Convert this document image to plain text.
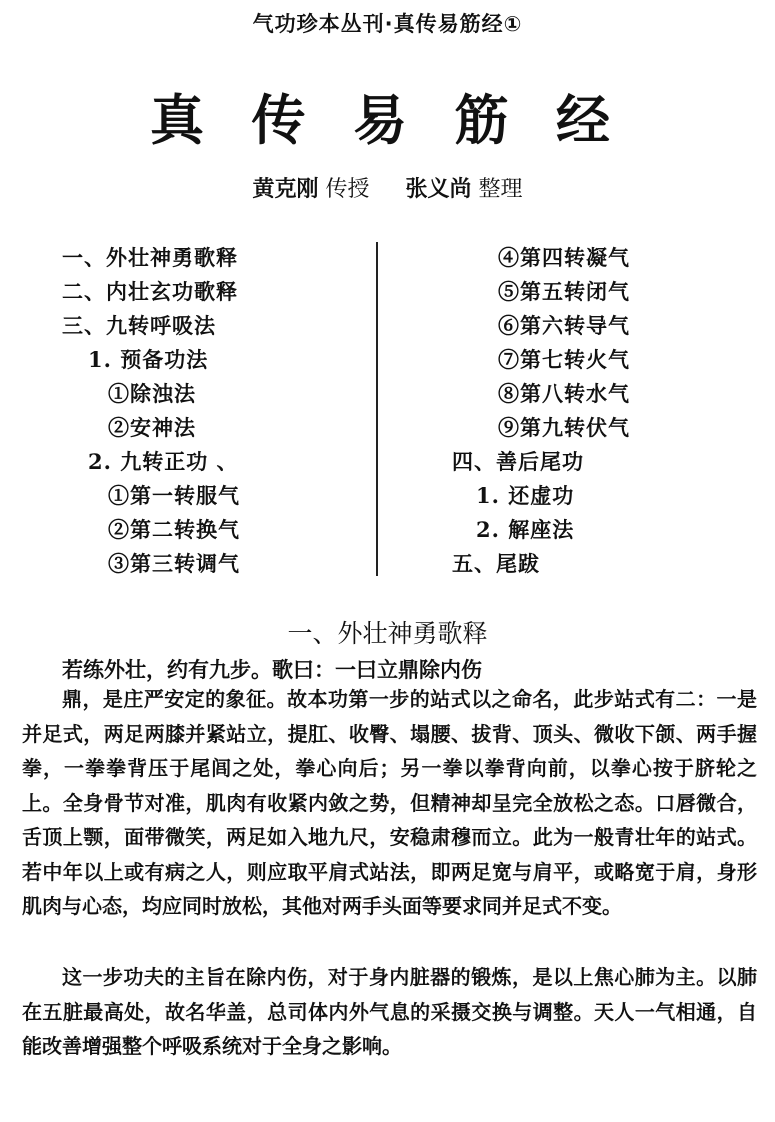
气功珍本丛刊·真传易筋经①
真 传 易 筋 经
黄克刚 传授 张义尚 整理
一、外壮神勇歌释
二、内壮玄功歌释
三、九转呼吸法
1. 预备功法
①除浊法
②安神法
2. 九转正功 、
①第一转服气
②第二转换气
③第三转调气
④第四转凝气
⑤第五转闭气
⑥第六转导气
⑦第七转火气
⑧第八转水气
⑨第九转伏气
四、善后尾功
1. 还虚功
2. 解座法
五、尾跋
一、外壮神勇歌释
若练外壮，约有九步。歌曰：一曰立鼎除内伤

鼎，是庄严安定的象征。故本功第一步的站式以之命名，此步站式有二：一是并足式，两足两膝并紧站立，提肛、收臀、塌腰、拔背、顶头、微收下颌、两手握拳，一拳拳背压于尾闾之处，拳心向后；另一拳以拳背向前，以拳心按于脐轮之上。全身骨节对准，肌肉有收紧内敛之势，但精神却呈完全放松之态。口唇微合，舌顶上颚，面带微笑，两足如入地九尺，安稳肃穆而立。此为一般青壮年的站式。若中年以上或有病之人，则应取平肩式站法，即两足宽与肩平，或略宽于肩，身形肌肉与心态，均应同时放松，其他对两手头面等要求同并足式不变。

这一步功夫的主旨在除内伤，对于身内脏器的锻炼，是以上焦心肺为主。以肺在五脏最高处，故名华盖，总司体内外气息的采摄交换与调整。天人一气相通，自能改善增强整个呼吸系统对于全身之影响。
